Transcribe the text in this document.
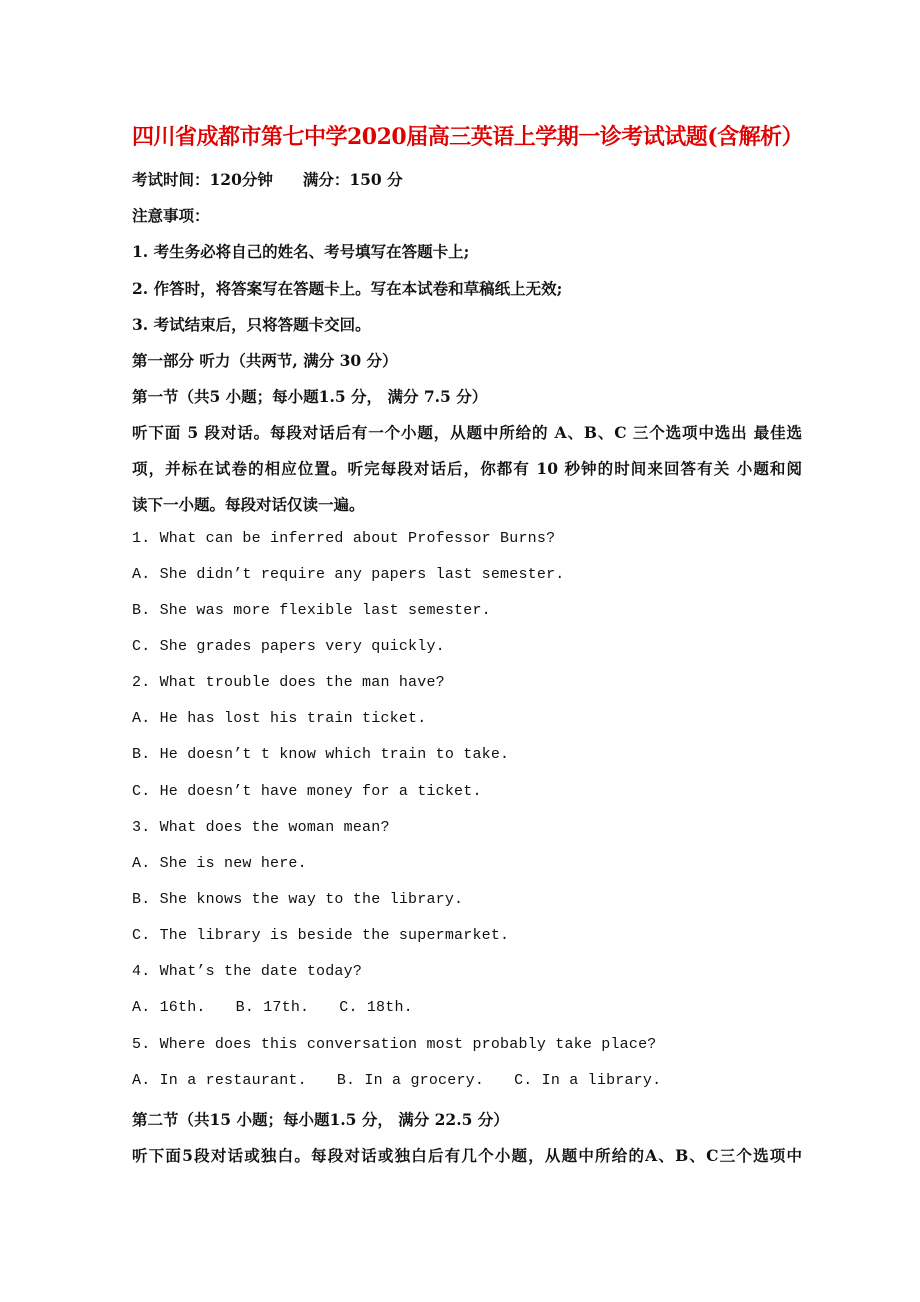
四川省成都市第七中学2020届高三英语上学期一诊考试试题(含解析）
考试时间：120分钟 满分：150 分
注意事项：
1. 考生务必将自己的姓名、考号填写在答题卡上;
2. 作答时，将答案写在答题卡上。写在本试卷和草稿纸上无效;
3. 考试结束后，只将答题卡交回。
第一部分 听力（共两节, 满分 30 分）
第一节（共5 小题；每小题1.5 分， 满分 7.5 分）
听下面 5 段对话。每段对话后有一个小题，从题中所给的 A、B、C 三个选项中选出 最佳选
项，并标在试卷的相应位置。听完每段对话后，你都有 10 秒钟的时间来回答有关 小题和阅
读下一小题。每段对话仅读一遍。
1. What can be inferred about Professor Burns?
A. She didn’t require any papers last semester.
B. She was more flexible last semester.
C. She grades papers very quickly.
2. What trouble does the man have?
A. He has lost his train ticket.
B. He doesn’t t know which train to take.
C. He doesn’t have money for a ticket.
3. What does the woman mean?
A. She is new here.
B. She knows the way to the library.
C. The library is beside the supermarket.
4. What’s the date today?
A. 16th. B. 17th. C. 18th.
5. Where does this conversation most probably take place?
A. In a restaurant. B. In a grocery. C. In a library.
第二节（共15 小题；每小题1.5 分， 满分 22.5 分）
听下面5段对话或独白。每段对话或独白后有几个小题，从题中所给的A、B、C三个选项中
